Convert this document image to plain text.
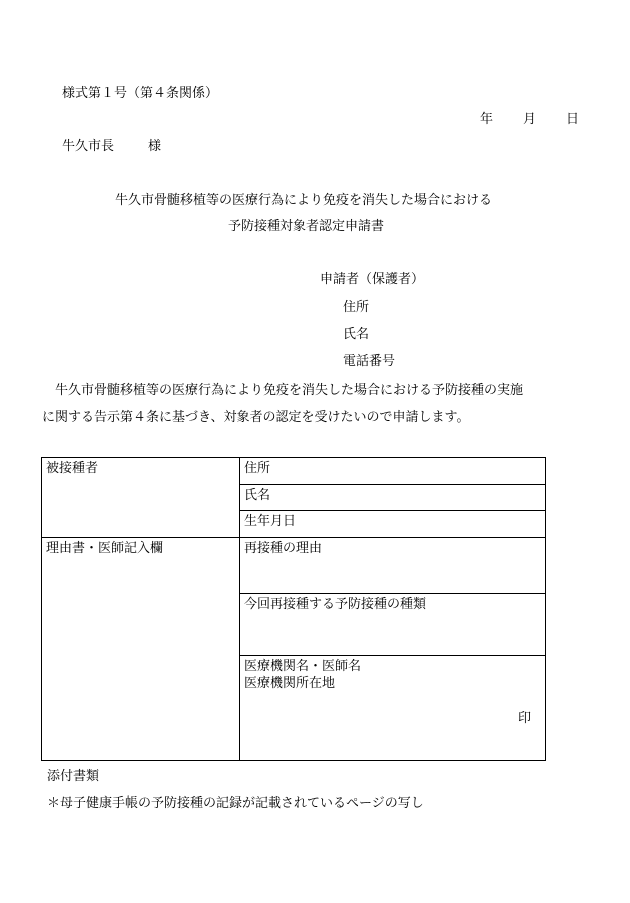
様式第１号（第４条関係）
年 月 日
牛久市長	様
牛久市骨髄移植等の医療行為により免疫を消失した場合における
予防接種対象者認定申請書
申請者（保護者）
住所
氏名
電話番号
　牛久市骨髄移植等の医療行為により免疫を消失した場合における予防接種の実施に関する告示第４条に基づき、対象者の認定を受けたいので申請します。
被接種者	住所
	氏名
	生年月日
理由書・医師記入欄	再接種の理由
	今回再接種する予防接種の種類

	医療機関名・医師名
医療機関所在地
印
添付書類
＊母子健康手帳の予防接種の記録が記載されているページの写し
